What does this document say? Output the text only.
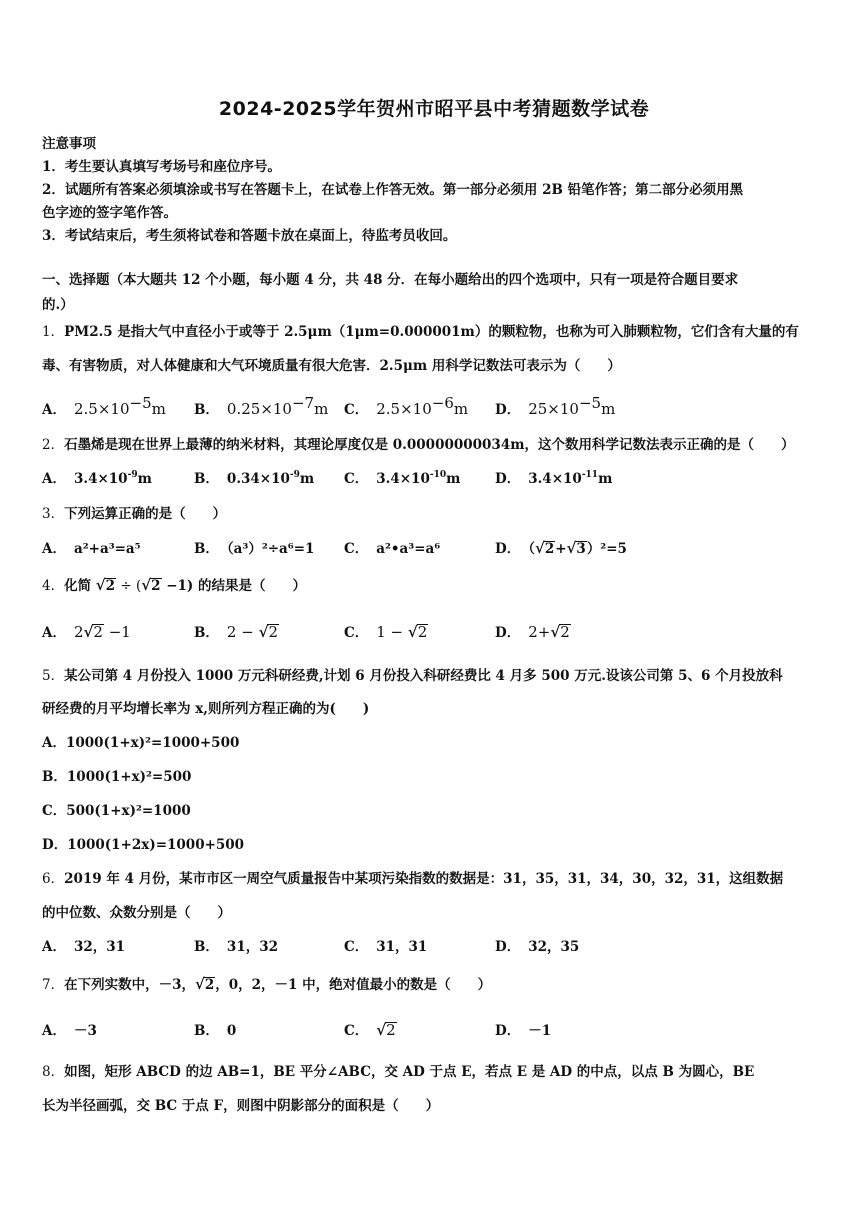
2024-2025学年贺州市昭平县中考猜题数学试卷
注意事项
1．考生要认真填写考场号和座位序号。
2．试题所有答案必须填涂或书写在答题卡上，在试卷上作答无效。第一部分必须用 2B 铅笔作答；第二部分必须用黑
色字迹的签字笔作答。
3．考试结束后，考生须将试卷和答题卡放在桌面上，待监考员收回。
一、选择题（本大题共 12 个小题，每小题 4 分，共 48 分．在每小题给出的四个选项中，只有一项是符合题目要求
的.）
1．PM2.5 是指大气中直径小于或等于 2.5μm（1μm=0.000001m）的颗粒物，也称为可入肺颗粒物，它们含有大量的有
毒、有害物质，对人体健康和大气环境质量有很大危害．2.5μm 用科学记数法可表示为（　　）
A． $2.5\times 10^{-5}m$ B． $0.25\times 10^{-7}m$ C． $2.5\times 10^{-6}m$ D． $25\times 10^{-5}m$
2．石墨烯是现在世界上最薄的纳米材料，其理论厚度仅是 0.00000000034m，这个数用科学记数法表示正确的是（　　）
A． $3.4\times 10^{-9}m$	B． $0.34\times 10^{-9}m$ C． $3.4\times 10^{-10}m$	D． $3.4\times 10^{-11}m$
3．下列运算正确的是（　　）
A． a²+a³=a⁵	B． （a³）²÷a⁶=1 C． a²•a³=a⁶	D． （√2+√3）²=5
4．化简 √2 ÷ (√2 −1) 的结果是（　　）
A． 2√2 −1	B． 2 − √2	C． 1 − √2	D． 2+√2
5．某公司第 4 月份投入 1000 万元科研经费,计划 6 月份投入科研经费比 4 月多 500 万元.设该公司第 5、6 个月投放科
研经费的月平均增长率为 x,则所列方程正确的为(　　)
A．1000(1+x)²=1000+500
B．1000(1+x)²=500
C．500(1+x)²=1000
D．1000(1+2x)=1000+500
6．2019 年 4 月份，某市市区一周空气质量报告中某项污染指数的数据是：31，35，31，34，30，32，31，这组数据
的中位数、众数分别是（　　）
A． 32，31	B． 31，32	C． 31，31	D． 32，35
7．在下列实数中，－3，√2，0，2，－1 中，绝对值最小的数是（　　）
A． －3	B． 0	C． √2	D． －1
8．如图，矩形 ABCD 的边 AB=1，BE 平分∠ABC，交 AD 于点 E，若点 E 是 AD 的中点，以点 B 为圆心，BE
长为半径画弧，交 BC 于点 F，则图中阴影部分的面积是（　　）
